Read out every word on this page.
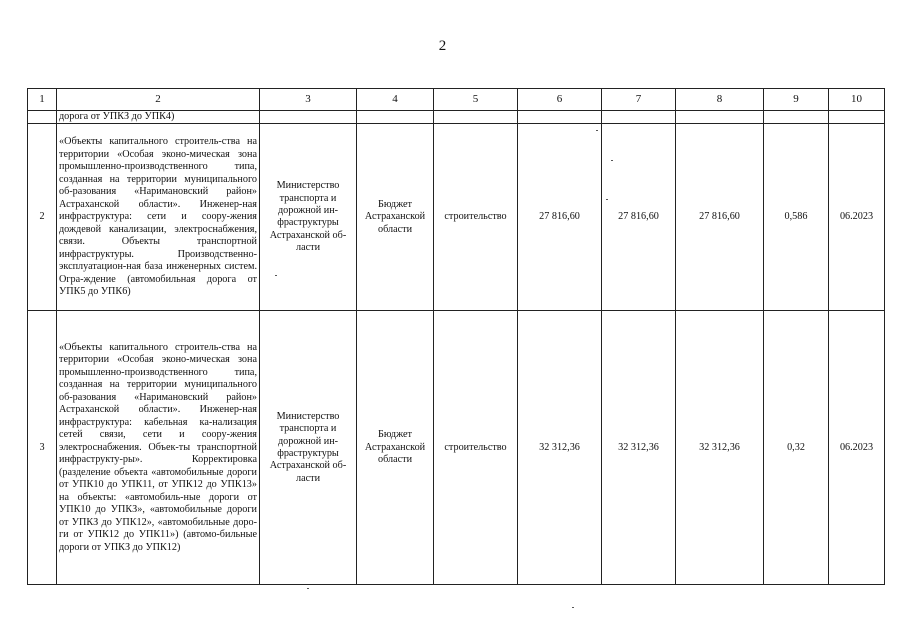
2
1	2	3	4	5	6	7	8	9	10
	дорога от УПКЗ до УПК4)								
2	«Объекты капитального строитель-ства на территории «Особая эконо-мическая зона промышленно-производственного типа, созданная на территории муниципального об-разования «Наримановский район» Астраханской области». Инженер-ная инфраструктура: сети и соору-жения дождевой канализации, электроснабжения, связи. Объекты транспортной инфраструктуры. Производственно-эксплуатацион-ная база инженерных систем. Огра-ждение (автомобильная дорога от УПК5 до УПК6)	Министерство транспорта и дорожной ин-фраструктуры Астраханской об-ласти	Бюджет Астраханской области	строительство	27 816,60	27 816,60	27 816,60	0,586	06.2023
3	«Объекты капитального строитель-ства на территории «Особая эконо-мическая зона промышленно-производственного типа, созданная на территории муниципального об-разования «Наримановский район» Астраханской области». Инженер-ная инфраструктура: кабельная ка-нализация сетей связи, сети и соору-жения электроснабжения. Объек-ты транспортной инфраструкту-ры». Корректировка (разделение объекта «автомобильные дороги от УПК10 до УПК11, от УПК12 до УПК13» на объекты: «автомобиль-ные дороги от УПК10 до УПКЗ», «автомобильные дороги от УПКЗ до УПК12», «автомобильные доро-ги от УПК12 до УПК11») (автомо-бильные дороги от УПКЗ до УПК12)	Министерство транспорта и дорожной ин-фраструктуры Астраханской об-ласти	Бюджет Астраханской области	строительство	32 312,36	32 312,36	32 312,36	0,32	06.2023
